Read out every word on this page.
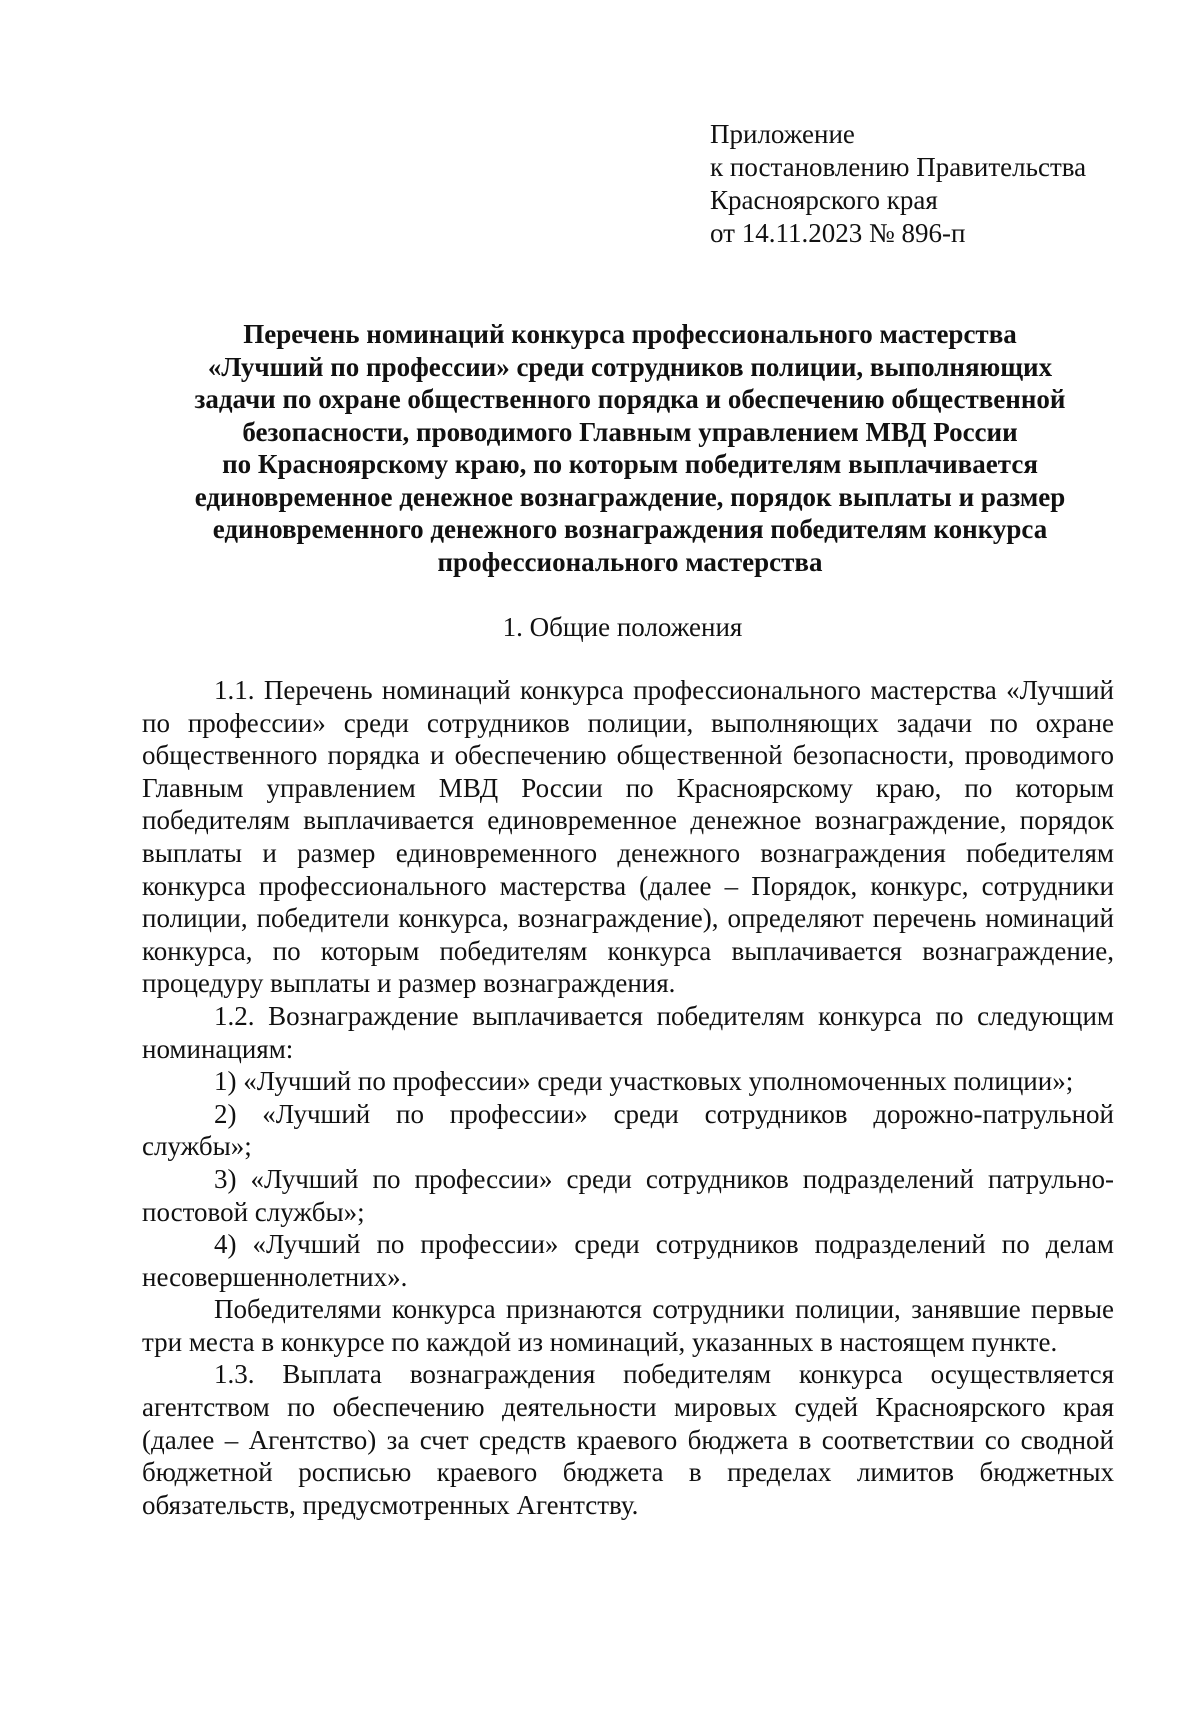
Приложение
к постановлению Правительства
Красноярского края
от 14.11.2023 № 896-п
Перечень номинаций конкурса профессионального мастерства
«Лучший по профессии» среди сотрудников полиции, выполняющих
задачи по охране общественного порядка и обеспечению общественной
безопасности, проводимого Главным управлением МВД России
по Красноярскому краю, по которым победителям выплачивается
единовременное денежное вознаграждение, порядок выплаты и размер
единовременного денежного вознаграждения победителям конкурса
профессионального мастерства
1. Общие положения

1.1. Перечень номинаций конкурса профессионального мастерства «Лучший по профессии» среди сотрудников полиции, выполняющих задачи по охране общественного порядка и обеспечению общественной безопасности, проводимого Главным управлением МВД России по Красноярскому краю, по которым победителям выплачивается единовременное денежное вознаграждение, порядок выплаты и размер единовременного денежного вознаграждения победителям конкурса профессионального мастерства (далее – Порядок, конкурс, сотрудники полиции, победители конкурса, вознаграждение), определяют перечень номинаций конкурса, по которым победителям конкурса выплачивается вознаграждение, процедуру выплаты и размер вознаграждения.

1.2. Вознаграждение выплачивается победителям конкурса по следующим номинациям:

1) «Лучший по профессии» среди участковых уполномоченных полиции»;

2) «Лучший по профессии» среди сотрудников дорожно-патрульной службы»;

3) «Лучший по профессии» среди сотрудников подразделений патрульно-постовой службы»;

4) «Лучший по профессии» среди сотрудников подразделений по делам несовершеннолетних».

Победителями конкурса признаются сотрудники полиции, занявшие первые три места в конкурсе по каждой из номинаций, указанных в настоящем пункте.

1.3. Выплата вознаграждения победителям конкурса осуществляется агентством по обеспечению деятельности мировых судей Красноярского края (далее – Агентство) за счет средств краевого бюджета в соответствии со сводной бюджетной росписью краевого бюджета в пределах лимитов бюджетных обязательств, предусмотренных Агентству.
